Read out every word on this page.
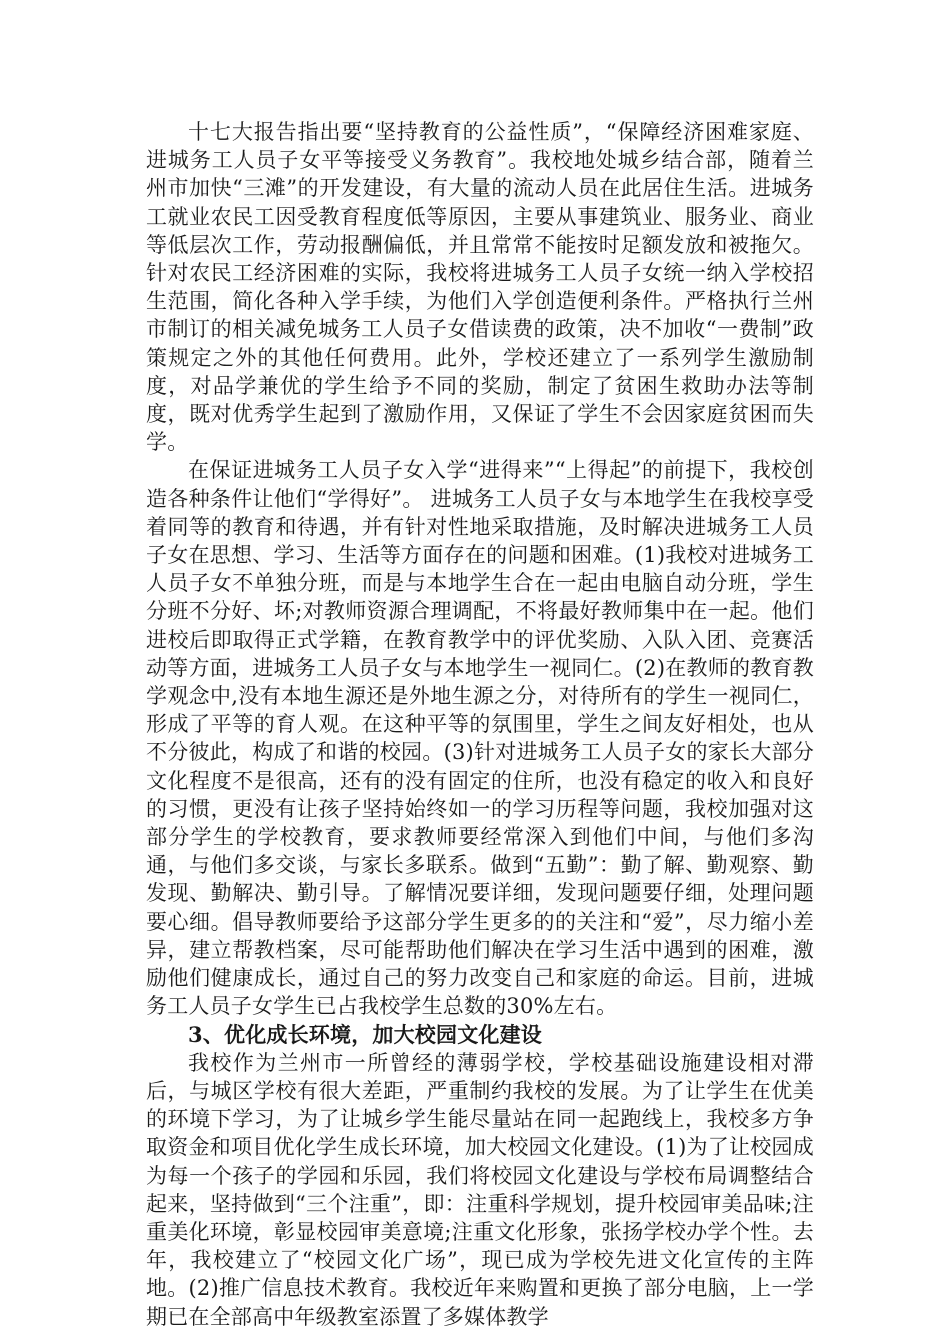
十七大报告指出要“坚持教育的公益性质”，“保障经济困难家庭、进城务工人员子女平等接受义务教育”。我校地处城乡结合部，随着兰州市加快“三滩”的开发建设，有大量的流动人员在此居住生活。进城务工就业农民工因受教育程度低等原因，主要从事建筑业、服务业、商业等低层次工作，劳动报酬偏低，并且常常不能按时足额发放和被拖欠。针对农民工经济困难的实际，我校将进城务工人员子女统一纳入学校招生范围，简化各种入学手续，为他们入学创造便利条件。严格执行兰州市制订的相关减免城务工人员子女借读费的政策，决不加收“一费制”政策规定之外的其他任何费用。此外，学校还建立了一系列学生激励制度，对品学兼优的学生给予不同的奖励，制定了贫困生救助办法等制度，既对优秀学生起到了激励作用，又保证了学生不会因家庭贫困而失学。

在保证进城务工人员子女入学“进得来”“上得起”的前提下，我校创造各种条件让他们“学得好”。 进城务工人员子女与本地学生在我校享受着同等的教育和待遇，并有针对性地采取措施，及时解决进城务工人员子女在思想、学习、生活等方面存在的问题和困难。(1)我校对进城务工人员子女不单独分班，而是与本地学生合在一起由电脑自动分班，学生分班不分好、坏;对教师资源合理调配，不将最好教师集中在一起。他们进校后即取得正式学籍，在教育教学中的评优奖励、入队入团、竞赛活动等方面，进城务工人员子女与本地学生一视同仁。(2)在教师的教育教学观念中,没有本地生源还是外地生源之分，对待所有的学生一视同仁，形成了平等的育人观。在这种平等的氛围里，学生之间友好相处，也从不分彼此，构成了和谐的校园。(3)针对进城务工人员子女的家长大部分文化程度不是很高，还有的没有固定的住所，也没有稳定的收入和良好的习惯，更没有让孩子坚持始终如一的学习历程等问题，我校加强对这部分学生的学校教育，要求教师要经常深入到他们中间，与他们多沟通，与他们多交谈，与家长多联系。做到“五勤”：勤了解、勤观察、勤发现、勤解决、勤引导。了解情况要详细，发现问题要仔细，处理问题要心细。倡导教师要给予这部分学生更多的的关注和“爱”，尽力缩小差异，建立帮教档案，尽可能帮助他们解决在学习生活中遇到的困难，激励他们健康成长，通过自己的努力改变自己和家庭的命运。目前，进城务工人员子女学生已占我校学生总数的30%左右。

3、优化成长环境，加大校园文化建设

我校作为兰州市一所曾经的薄弱学校，学校基础设施建设相对滞后，与城区学校有很大差距，严重制约我校的发展。为了让学生在优美的环境下学习，为了让城乡学生能尽量站在同一起跑线上，我校多方争取资金和项目优化学生成长环境，加大校园文化建设。(1)为了让校园成为每一个孩子的学园和乐园，我们将校园文化建设与学校布局调整结合起来，坚持做到“三个注重”，即：注重科学规划，提升校园审美品味;注重美化环境，彰显校园审美意境;注重文化形象，张扬学校办学个性。去年，我校建立了“校园文化广场”，现已成为学校先进文化宣传的主阵地。(2)推广信息技术教育。我校近年来购置和更换了部分电脑，上一学期已在全部高中年级教室添置了多媒体教学
